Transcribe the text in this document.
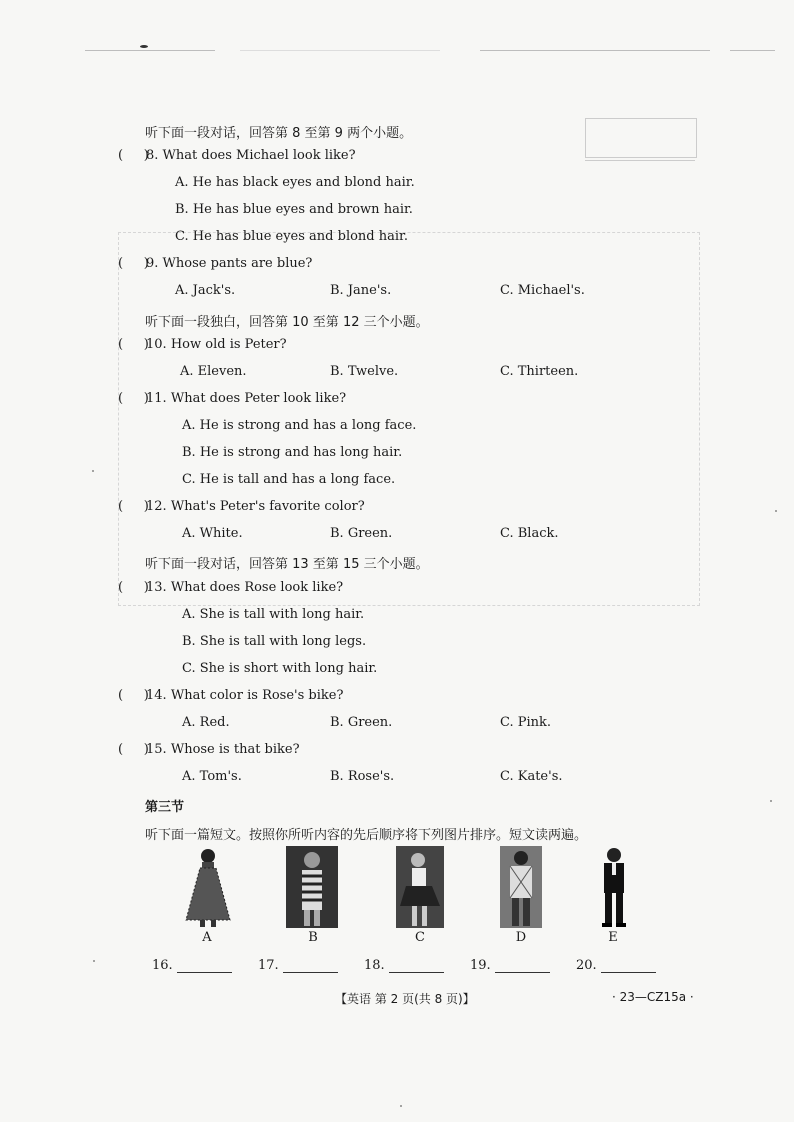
听下面一段对话，回答第 8 至第 9 两个小题。
(     )8. What does Michael look like?
A. He has black eyes and blond hair.
B. He has blue eyes and brown hair.
C. He has blue eyes and blond hair.
(     )9. Whose pants are blue?
A. Jack's.	B. Jane's.	C. Michael's.
听下面一段独白，回答第 10 至第 12 三个小题。
(     )10. How old is Peter?
A. Eleven.	B. Twelve.	C. Thirteen.
(     )11. What does Peter look like?
A. He is strong and has a long face.
B. He is strong and has long hair.
C. He is tall and has a long face.
(     )12. What's Peter's favorite color?
A. White.	B. Green.	C. Black.
听下面一段对话，回答第 13 至第 15 三个小题。
(     )13. What does Rose look like?
A. She is tall with long hair.
B. She is tall with long legs.
C. She is short with long hair.
(     )14. What color is Rose's bike?
A. Red.	B. Green.	C. Pink.
(     )15. Whose is that bike?
A. Tom's.	B. Rose's.	C. Kate's.
第三节
听下面一篇短文。按照你所听内容的先后顺序将下列图片排序。短文读两遍。
A	B	C	D	E
16.	17.	18.	19.	20.
【英语 第 2 页(共 8 页)】	· 23—CZ15a ·
